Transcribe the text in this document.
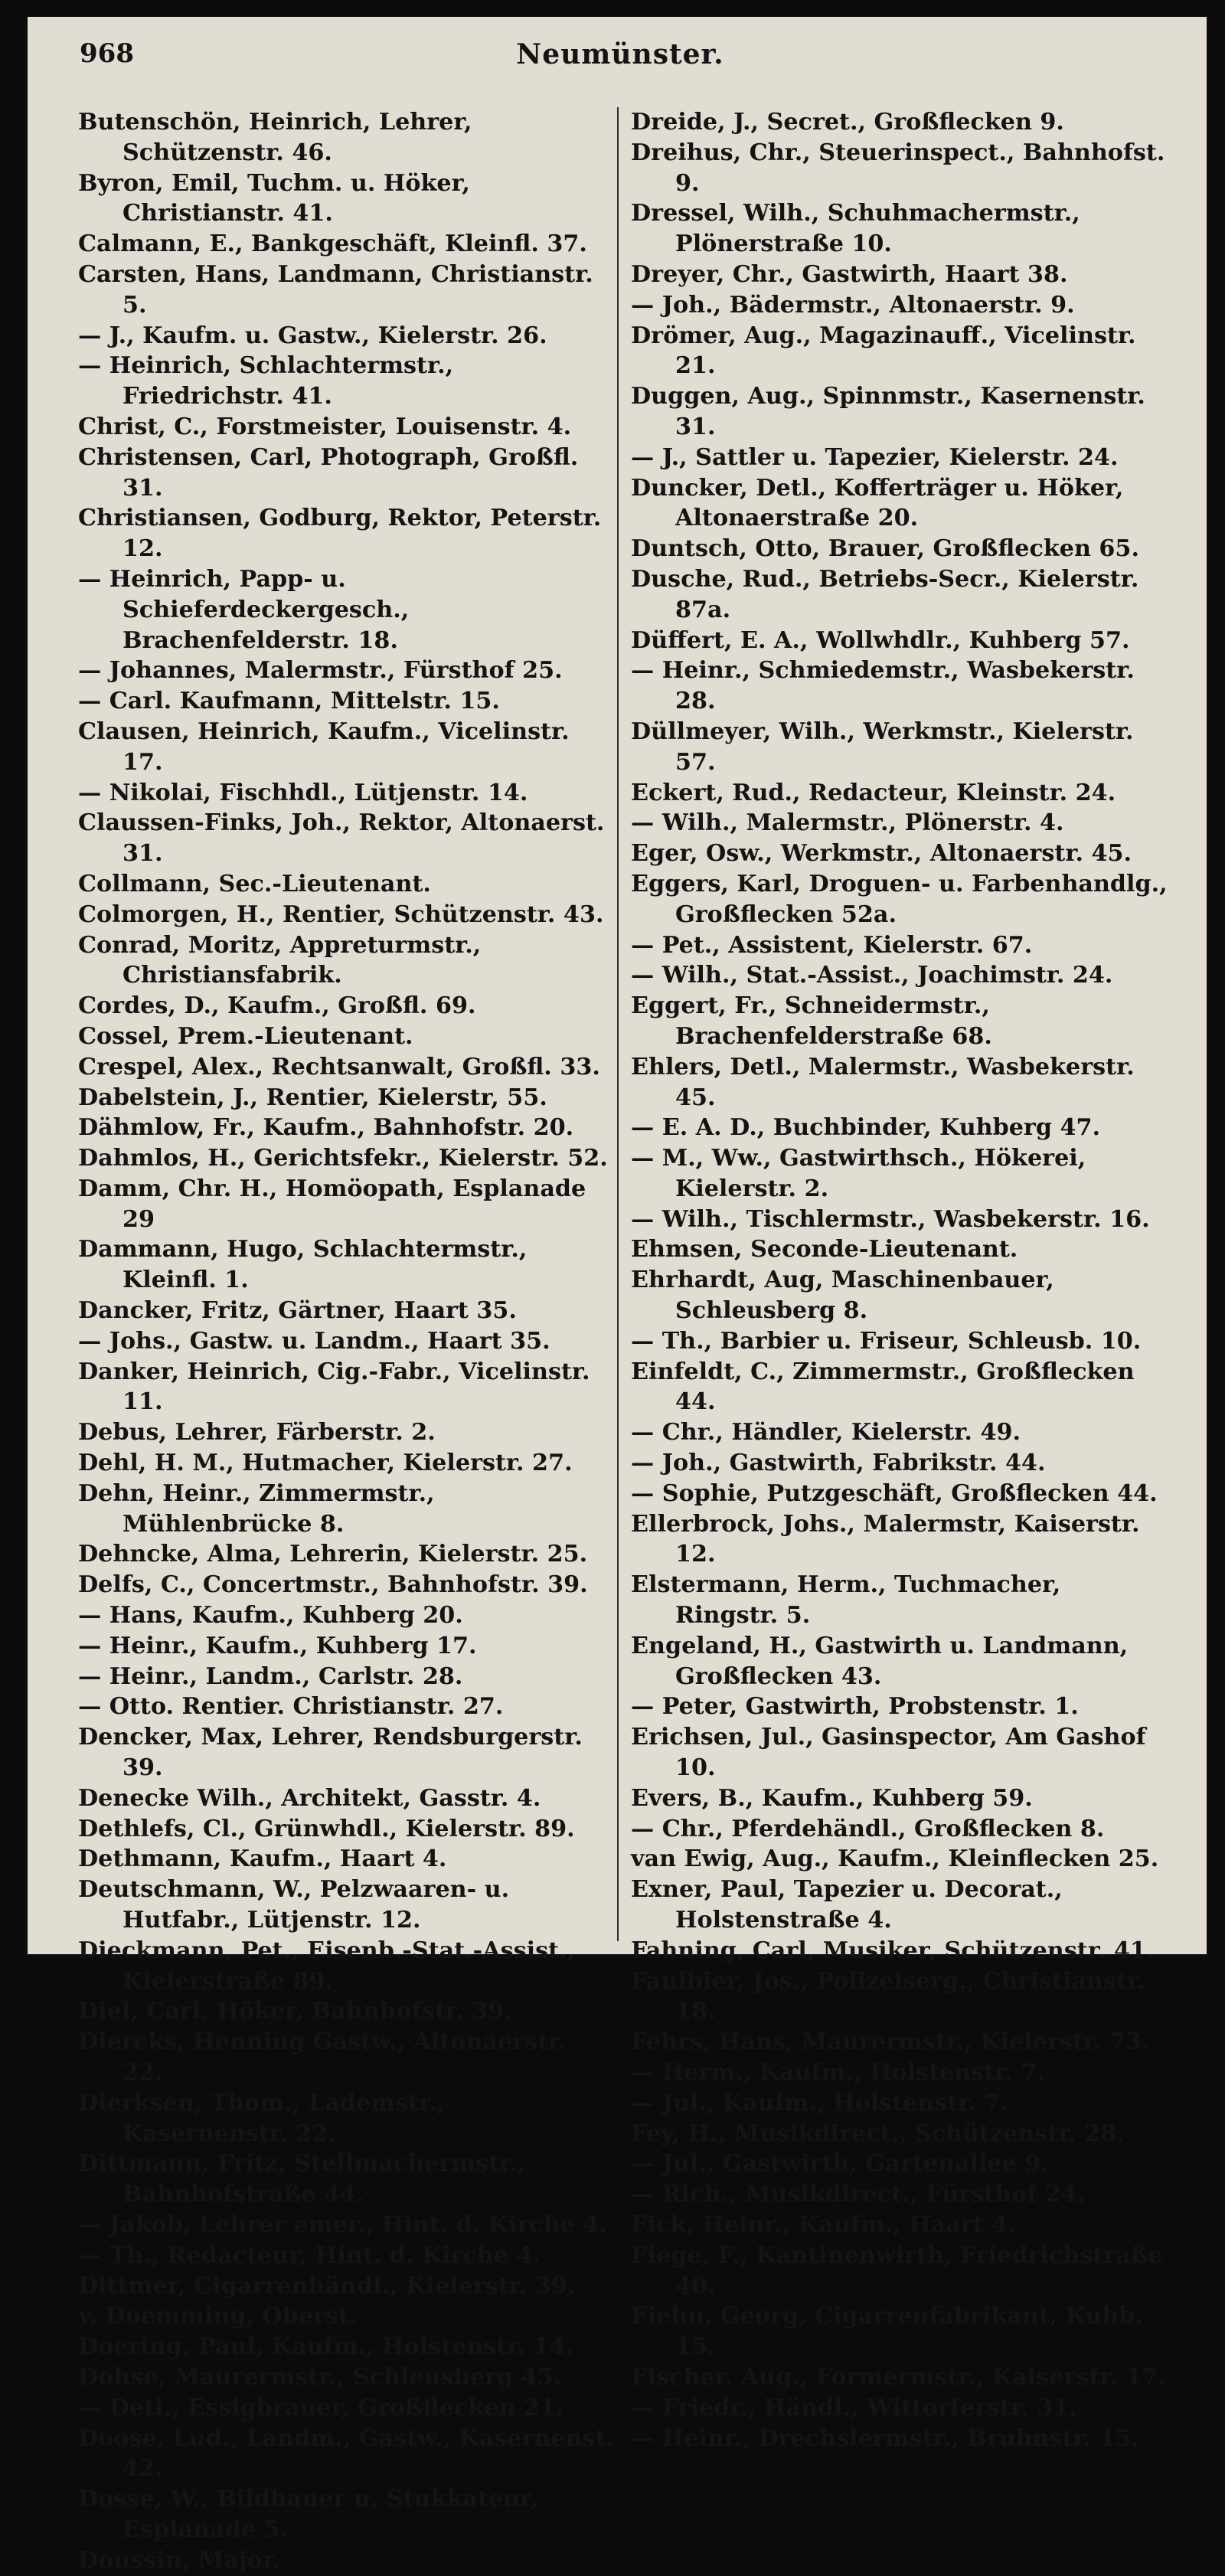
968	Neumünster.
Butenschön, Heinrich, Lehrer, Schützenstr. 46.
Byron, Emil, Tuchm. u. Höker, Christianstr. 41.
Calmann, E., Bankgeschäft, Kleinfl. 37.
Carsten, Hans, Landmann, Christianstr. 5.
— J., Kaufm. u. Gastw., Kielerstr. 26.
— Heinrich, Schlachtermstr., Friedrichstr. 41.
Christ, C., Forstmeister, Louisenstr. 4.
Christensen, Carl, Photograph, Großfl. 31.
Christiansen, Godburg, Rektor, Peterstr. 12.
— Heinrich, Papp- u. Schieferdeckergesch., Brachenfelderstr. 18.
— Johannes, Malermstr., Fürsthof 25.
— Carl. Kaufmann, Mittelstr. 15.
Clausen, Heinrich, Kaufm., Vicelinstr. 17.
— Nikolai, Fischhdl., Lütjenstr. 14.
Claussen-Finks, Joh., Rektor, Altonaerst. 31.
Collmann, Sec.-Lieutenant.
Colmorgen, H., Rentier, Schützenstr. 43.
Conrad, Moritz, Appreturmstr., Christiansfabrik.
Cordes, D., Kaufm., Großfl. 69.
Cossel, Prem.-Lieutenant.
Crespel, Alex., Rechtsanwalt, Großfl. 33.
Dabelstein, J., Rentier, Kielerstr, 55.
Dähmlow, Fr., Kaufm., Bahnhofstr. 20.
Dahmlos, H., Gerichtsfekr., Kielerstr. 52.
Damm, Chr. H., Homöopath, Esplanade 29
Dammann, Hugo, Schlachtermstr., Kleinfl. 1.
Dancker, Fritz, Gärtner, Haart 35.
— Johs., Gastw. u. Landm., Haart 35.
Danker, Heinrich, Cig.-Fabr., Vicelinstr. 11.
Debus, Lehrer, Färberstr. 2.
Dehl, H. M., Hutmacher, Kielerstr. 27.
Dehn, Heinr., Zimmermstr., Mühlenbrücke 8.
Dehncke, Alma, Lehrerin, Kielerstr. 25.
Delfs, C., Concertmstr., Bahnhofstr. 39.
— Hans, Kaufm., Kuhberg 20.
— Heinr., Kaufm., Kuhberg 17.
— Heinr., Landm., Carlstr. 28.
— Otto. Rentier. Christianstr. 27.
Dencker, Max, Lehrer, Rendsburgerstr. 39.
Denecke Wilh., Architekt, Gasstr. 4.
Dethlefs, Cl., Grünwhdl., Kielerstr. 89.
Dethmann, Kaufm., Haart 4.
Deutschmann, W., Pelzwaaren- u. Hutfabr., Lütjenstr. 12.
Dieckmann, Pet., Eisenb.-Stat.-Assist., Kielerstraße 89.
Diel, Carl, Höker, Bahnhofstr. 39.
Diercks, Henning Gastw., Altonaerstr. 22.
Dierksen, Thom., Lademstr., Kasernenstr. 22.
Dittmann, Fritz, Stellmachermstr., Bahnhofstraße 44.
— Jakob, Lehrer emer., Hint. d. Kirche 4.
— Th., Redacteur, Hint. d. Kirche 4.
Dittmer, Cigarrenhändl., Kielerstr. 39.
v. Doemming, Oberst.
Doering, Paul, Kaufm., Holstenstr. 14.
Dohse, Maurermstr., Schleusberg 45.
— Detl., Essigbrauer, Großflecken 21.
Doose, Lud., Landm., Gastw., Kasernenst. 42.
Dosse, W., Bildhauer u. Stukkateur, Esplanade 5.
Doussin, Major.
Dreide, J., Secret., Großflecken 9.
Dreihus, Chr., Steuerinspect., Bahnhofst. 9.
Dressel, Wilh., Schuhmachermstr., Plönerstraße 10.
Dreyer, Chr., Gastwirth, Haart 38.
— Joh., Bädermstr., Altonaerstr. 9.
Drömer, Aug., Magazinauff., Vicelinstr. 21.
Duggen, Aug., Spinnmstr., Kasernenstr. 31.
— J., Sattler u. Tapezier, Kielerstr. 24.
Duncker, Detl., Kofferträger u. Höker, Altonaerstraße 20.
Duntsch, Otto, Brauer, Großflecken 65.
Dusche, Rud., Betriebs-Secr., Kielerstr. 87a.
Düffert, E. A., Wollwhdlr., Kuhberg 57.
— Heinr., Schmiedemstr., Wasbekerstr. 28.
Düllmeyer, Wilh., Werkmstr., Kielerstr. 57.
Eckert, Rud., Redacteur, Kleinstr. 24.
— Wilh., Malermstr., Plönerstr. 4.
Eger, Osw., Werkmstr., Altonaerstr. 45.
Eggers, Karl, Droguen- u. Farbenhandlg., Großflecken 52a.
— Pet., Assistent, Kielerstr. 67.
— Wilh., Stat.-Assist., Joachimstr. 24.
Eggert, Fr., Schneidermstr., Brachenfelderstraße 68.
Ehlers, Detl., Malermstr., Wasbekerstr. 45.
— E. A. D., Buchbinder, Kuhberg 47.
— M., Ww., Gastwirthsch., Hökerei, Kielerstr. 2.
— Wilh., Tischlermstr., Wasbekerstr. 16.
Ehmsen, Seconde-Lieutenant.
Ehrhardt, Aug, Maschinenbauer, Schleusberg 8.
— Th., Barbier u. Friseur, Schleusb. 10.
Einfeldt, C., Zimmermstr., Großflecken 44.
— Chr., Händler, Kielerstr. 49.
— Joh., Gastwirth, Fabrikstr. 44.
— Sophie, Putzgeschäft, Großflecken 44.
Ellerbrock, Johs., Malermstr, Kaiserstr. 12.
Elstermann, Herm., Tuchmacher, Ringstr. 5.
Engeland, H., Gastwirth u. Landmann, Großflecken 43.
— Peter, Gastwirth, Probstenstr. 1.
Erichsen, Jul., Gasinspector, Am Gashof 10.
Evers, B., Kaufm., Kuhberg 59.
— Chr., Pferdehändl., Großflecken 8.
van Ewig, Aug., Kaufm., Kleinflecken 25.
Exner, Paul, Tapezier u. Decorat., Holstenstraße 4.
Fahning, Carl, Musiker, Schützenstr. 41.
Faulbier, Jos., Polizeiserg., Christianstr. 18.
Fehrs, Hans, Maurermstr., Kielerstr. 73.
— Herm., Kaufm., Holstenstr. 7.
— Jul., Kaufm., Holstenstr. 7.
Fey, H., Musikdirect., Schützenstr. 28.
— Jul., Gastwirth, Gartenallee 9.
— Rich., Musikdirect., Fürsthof 24.
Fick, Heinr., Kaufm., Haart 4.
Fiege, F., Kantinenwirth, Friedrichstraße 40.
Fiehn, Georg, Cigarrenfabrikant, Kuhb. 15.
Fischer. Aug., Formermstr., Kaiserstr. 17.
— Friedr., Händl., Wittorferstr. 31.
— Heinr., Drechslermstr., Bruhnstr. 15.
